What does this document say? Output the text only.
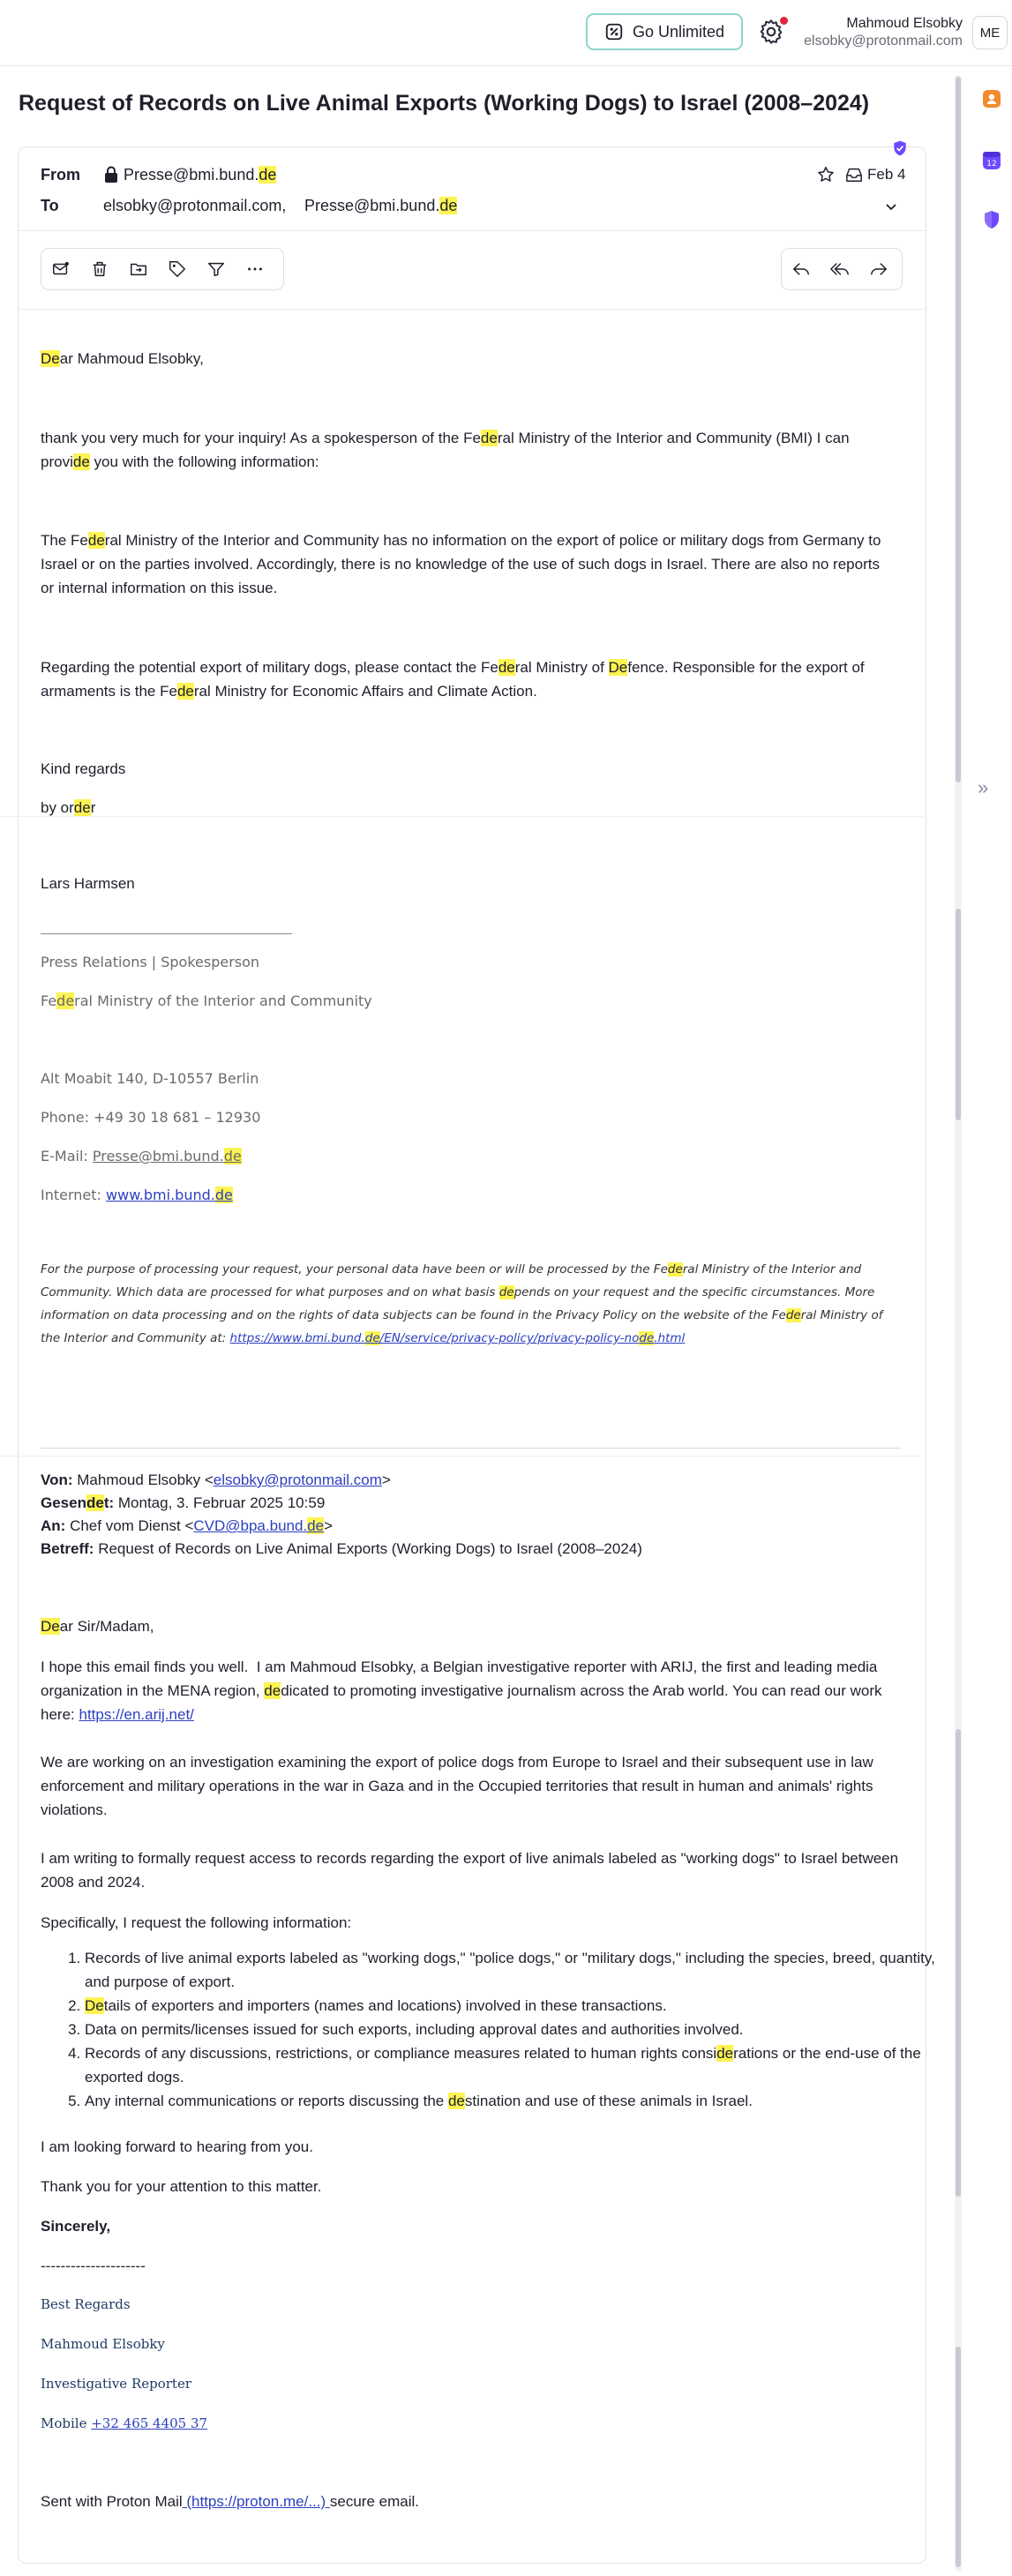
Go Unlimited	Mahmoud Elsobky
elsobky@protonmail.com
ME
12
»
Request of Records on Live Animal Exports (Working Dogs) to Israel (2008–2024)
From	Presse@bmi.bund.de
To	elsobky@protonmail.com, Presse@bmi.bund.de
Feb 4
Dear Mahmoud Elsobky,
thank you very much for your inquiry! As a spokesperson of the Federal Ministry of the Interior and Community (BMI) I can provide you with the following information:
The Federal Ministry of the Interior and Community has no information on the export of police or military dogs from Germany to Israel or on the parties involved. Accordingly, there is no knowledge of the use of such dogs in Israel. There are also no reports or internal information on this issue.
Regarding the potential export of military dogs, please contact the Federal Ministry of Defence. Responsible for the export of armaments is the Federal Ministry for Economic Affairs and Climate Action.
Kind regards
by order
Lars Harmsen
Press Relations | Spokesperson
Federal Ministry of the Interior and Community
Alt Moabit 140, D-10557 Berlin
Phone: +49 30 18 681 – 12930
E-Mail: Presse@bmi.bund.de
Internet: www.bmi.bund.de
For the purpose of processing your request, your personal data have been or will be processed by the Federal Ministry of the Interior and Community. Which data are processed for what purposes and on what basis depends on your request and the specific circumstances. More information on data processing and on the rights of data subjects can be found in the Privacy Policy on the website of the Federal Ministry of the Interior and Community at: https://www.bmi.bund.de/EN/service/privacy-policy/privacy-policy-node.html
Von: Mahmoud Elsobky <elsobky@protonmail.com>
Gesendet: Montag, 3. Februar 2025 10:59
An: Chef vom Dienst <CVD@bpa.bund.de>
Betreff: Request of Records on Live Animal Exports (Working Dogs) to Israel (2008–2024)
Dear Sir/Madam,
I hope this email finds you well.  I am Mahmoud Elsobky, a Belgian investigative reporter with ARIJ, the first and leading media organization in the MENA region, dedicated to promoting investigative journalism across the Arab world. You can read our work here: https://en.arij.net/
We are working on an investigation examining the export of police dogs from Europe to Israel and their subsequent use in law enforcement and military operations in the war in Gaza and in the Occupied territories that result in human and animals' rights violations.
I am writing to formally request access to records regarding the export of live animals labeled as "working dogs" to Israel between 2008 and 2024.
Specifically, I request the following information:
1. Records of live animal exports labeled as "working dogs," "police dogs," or "military dogs," including the species, breed, quantity, and purpose of export.
2. Details of exporters and importers (names and locations) involved in these transactions.
3. Data on permits/licenses issued for such exports, including approval dates and authorities involved.
4. Records of any discussions, restrictions, or compliance measures related to human rights considerations or the end-use of the exported dogs.
5. Any internal communications or reports discussing the destination and use of these animals in Israel.
I am looking forward to hearing from you.
Thank you for your attention to this matter.
Sincerely,
---------------------
Best Regards
Mahmoud Elsobky
Investigative Reporter
Mobile +32 465 4405 37
Sent with Proton Mail (https://proton.me/...) secure email.
